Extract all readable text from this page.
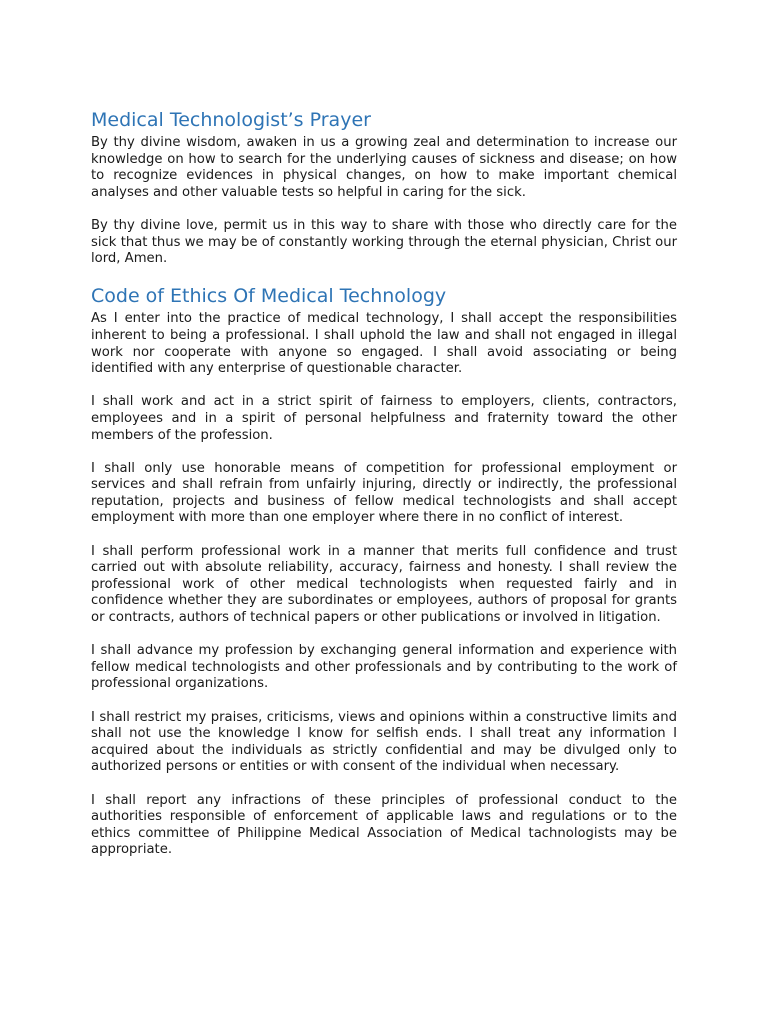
Medical Technologist’s Prayer

By thy divine wisdom, awaken in us a growing zeal and determination to increase our knowledge on how to search for the underlying causes of sickness and disease; on how to recognize evidences in physical changes, on how to make important chemical analyses and other valuable tests so helpful in caring for the sick.

By thy divine love, permit us in this way to share with those who directly care for the sick that thus we may be of constantly working through the eternal physician, Christ our lord, Amen.

Code of Ethics Of Medical Technology

As I enter into the practice of medical technology, I shall accept the responsibilities inherent to being a professional. I shall uphold the law and shall not engaged in illegal work nor cooperate with anyone so engaged. I shall avoid associating or being identified with any enterprise of questionable character.

I shall work and act in a strict spirit of fairness to employers, clients, contractors, employees and in a spirit of personal helpfulness and fraternity toward the other members of the profession.

I shall only use honorable means of competition for professional employment or services and shall refrain from unfairly injuring, directly or indirectly, the professional reputation, projects and business of fellow medical technologists and shall accept employment with more than one employer where there in no conflict of interest.

I shall perform professional work in a manner that merits full confidence and trust carried out with absolute reliability, accuracy, fairness and honesty. I shall review the professional work of other medical technologists when requested fairly and in confidence whether they are subordinates or employees, authors of proposal for grants or contracts, authors of technical papers or other publications or involved in litigation.

I shall advance my profession by exchanging general information and experience with fellow medical technologists and other professionals and by contributing to the work of professional organizations.

I shall restrict my praises, criticisms, views and opinions within a constructive limits and shall not use the knowledge I know for selfish ends. I shall treat any information I acquired about the individuals as strictly confidential and may be divulged only to authorized persons or entities or with consent of the individual when necessary.

I shall report any infractions of these principles of professional conduct to the authorities responsible of enforcement of applicable laws and regulations or to the ethics committee of Philippine Medical Association of Medical tachnologists may be appropriate.
